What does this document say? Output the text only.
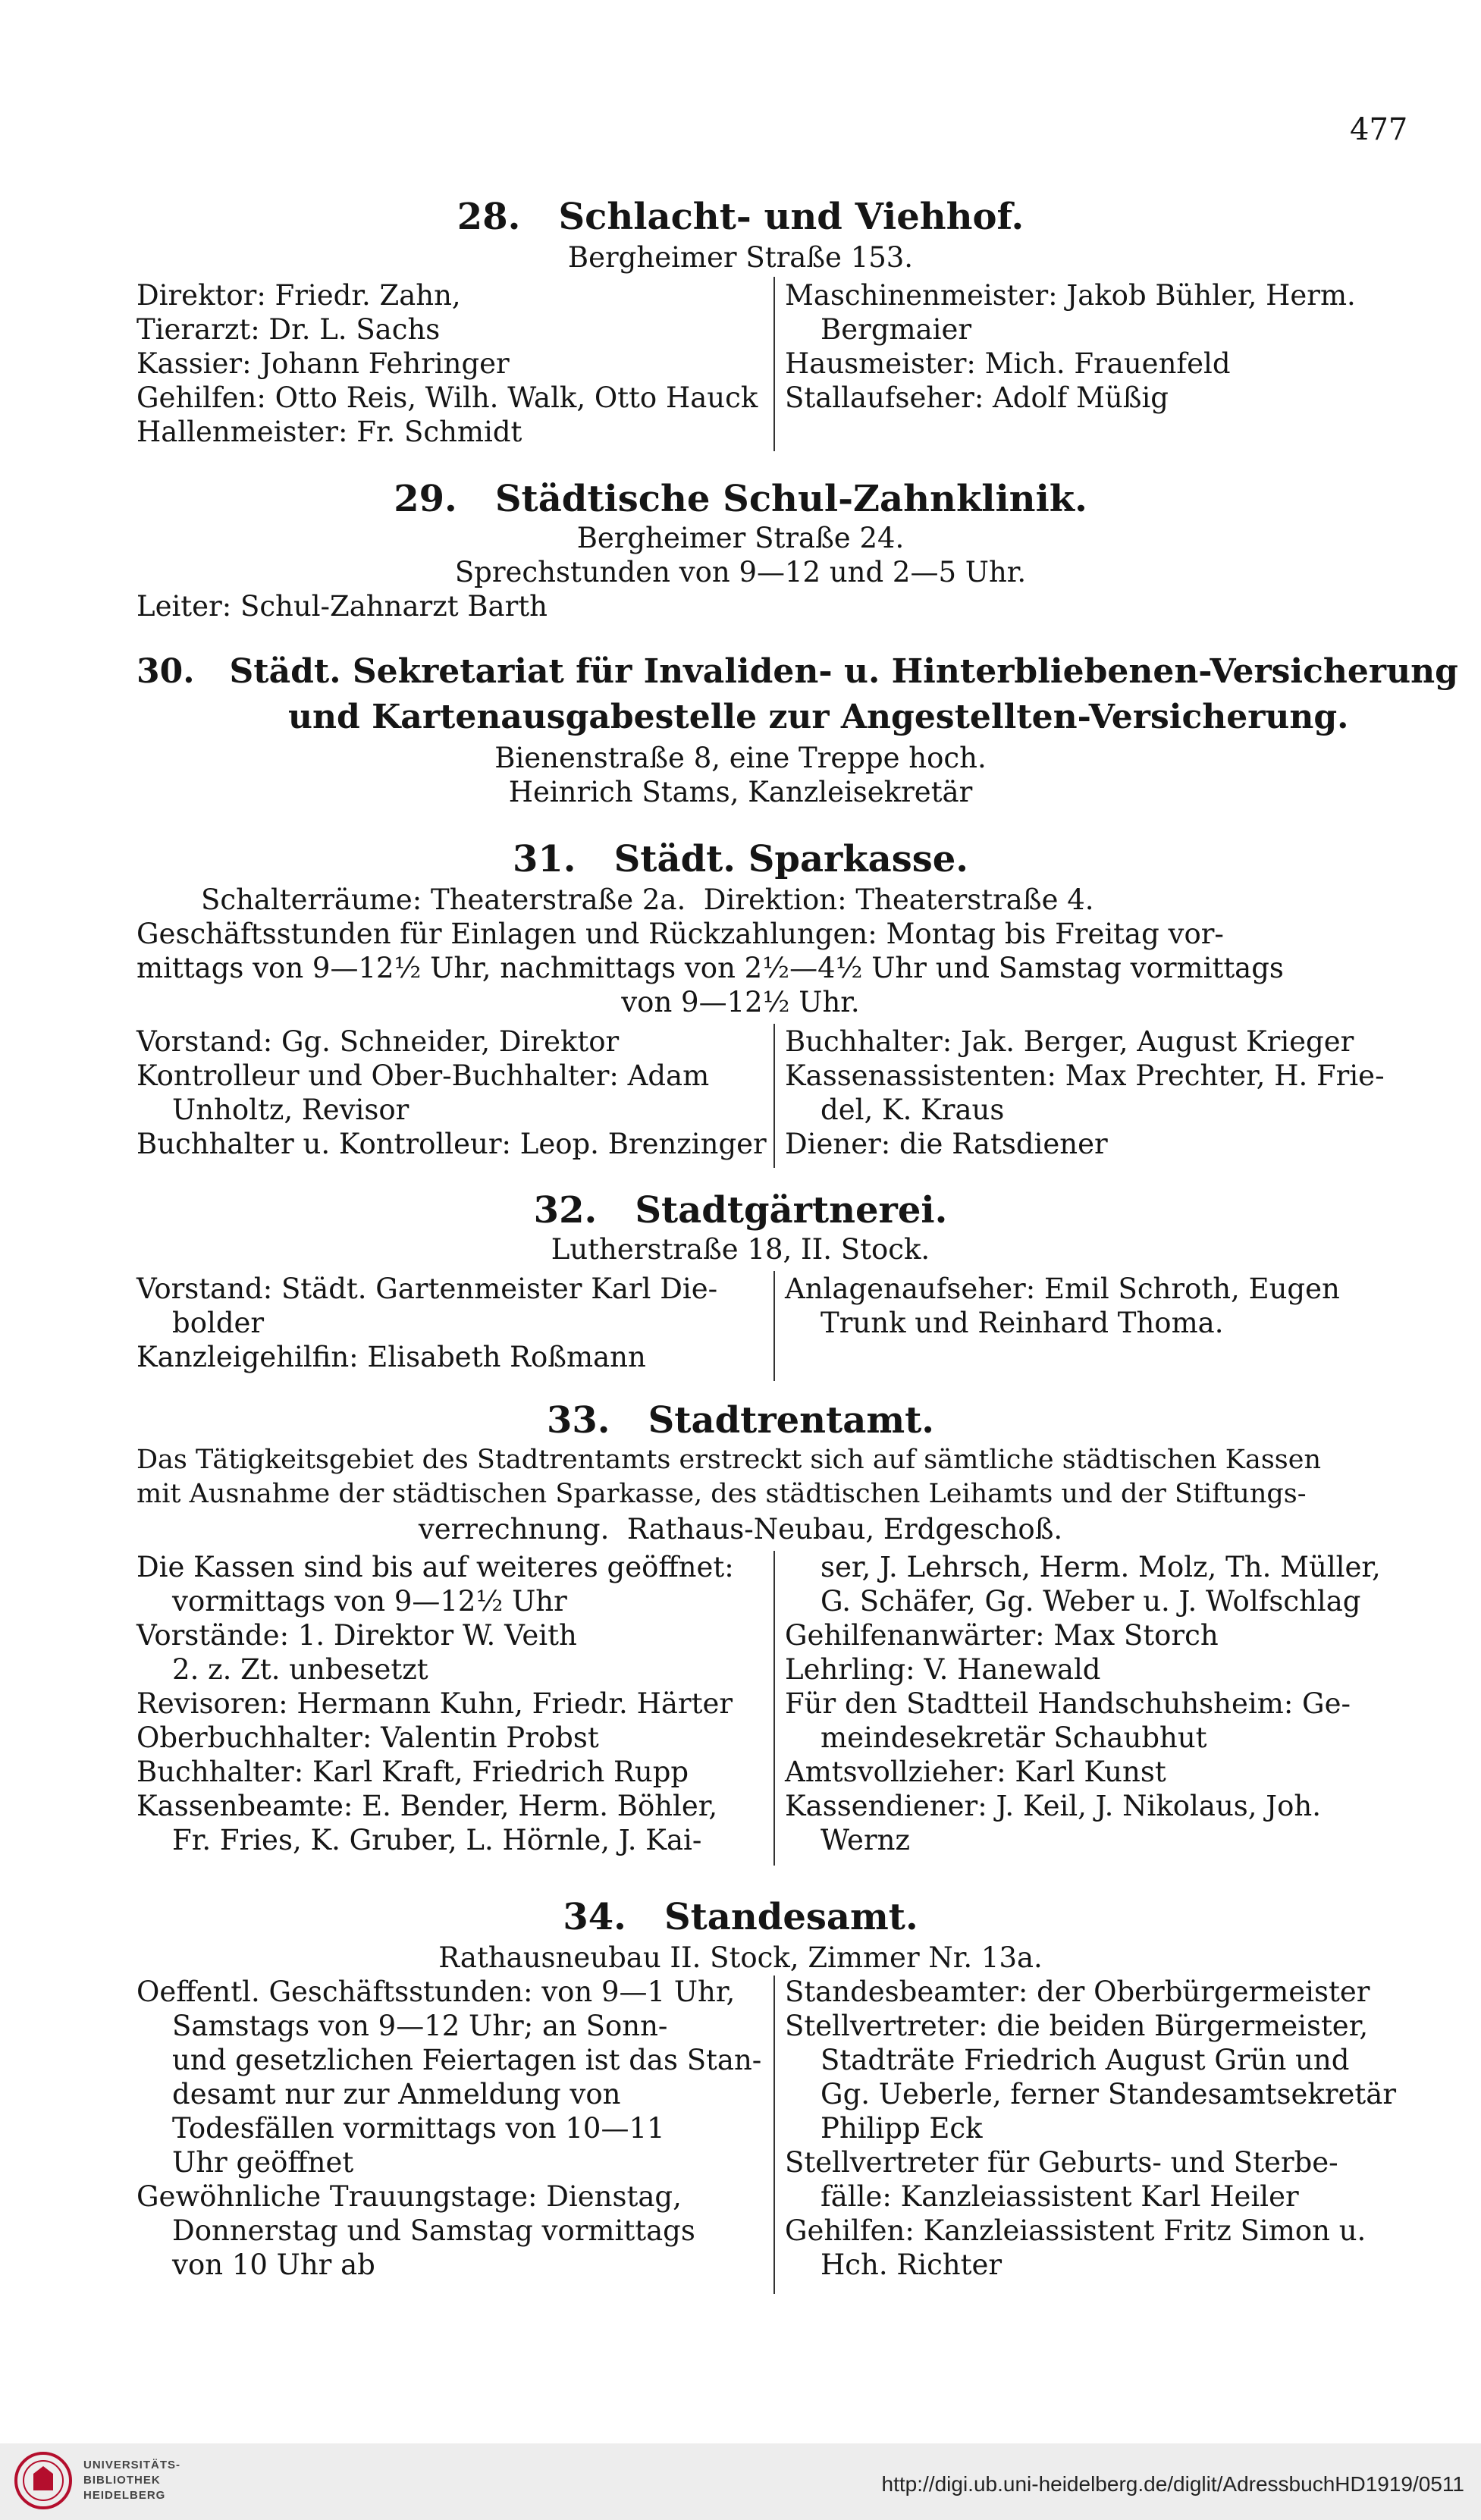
477
28.   Schlacht- und Viehhof.
Bergheimer Straße 153.
Direktor: Friedr. Zahn,
Tierarzt: Dr. L. Sachs
Kassier: Johann Fehringer
Gehilfen: Otto Reis, Wilh. Walk, Otto Hauck
Hallenmeister: Fr. Schmidt
Maschinenmeister: Jakob Bühler, Herm.
Bergmaier
Hausmeister: Mich. Frauenfeld
Stallaufseher: Adolf Müßig
29.   Städtische Schul-Zahnklinik.
Bergheimer Straße 24.
Sprechstunden von 9—12 und 2—5 Uhr.
Leiter: Schul-Zahnarzt Barth
30.   Städt. Sekretariat für Invaliden- u. Hinterbliebenen-Versicherung
und Kartenausgabestelle zur Angestellten-Versicherung.
Bienenstraße 8, eine Treppe hoch.
Heinrich Stams, Kanzleisekretär
31.   Städt. Sparkasse.
Schalterräume: Theaterstraße 2a.  Direktion: Theaterstraße 4.
Geschäftsstunden für Einlagen und Rückzahlungen: Montag bis Freitag vor-
mittags von 9—12½ Uhr, nachmittags von 2½—4½ Uhr und Samstag vormittags
von 9—12½ Uhr.
Vorstand: Gg. Schneider, Direktor
Kontrolleur und Ober-Buchhalter: Adam
Unholtz, Revisor
Buchhalter u. Kontrolleur: Leop. Brenzinger
Buchhalter: Jak. Berger, August Krieger
Kassenassistenten: Max Prechter, H. Frie-
del, K. Kraus
Diener: die Ratsdiener
32.   Stadtgärtnerei.
Lutherstraße 18, II. Stock.
Vorstand: Städt. Gartenmeister Karl Die-
bolder
Kanzleigehilfin: Elisabeth Roßmann
Anlagenaufseher: Emil Schroth, Eugen
Trunk und Reinhard Thoma.
33.   Stadtrentamt.
Das Tätigkeitsgebiet des Stadtrentamts erstreckt sich auf sämtliche städtischen Kassen
mit Ausnahme der städtischen Sparkasse, des städtischen Leihamts und der Stiftungs-
verrechnung.  Rathaus-Neubau, Erdgeschoß.
Die Kassen sind bis auf weiteres geöffnet:
vormittags von 9—12½ Uhr
Vorstände: 1. Direktor W. Veith
2. z. Zt. unbesetzt
Revisoren: Hermann Kuhn, Friedr. Härter
Oberbuchhalter: Valentin Probst
Buchhalter: Karl Kraft, Friedrich Rupp
Kassenbeamte: E. Bender, Herm. Böhler,
Fr. Fries, K. Gruber, L. Hörnle, J. Kai-
ser, J. Lehrsch, Herm. Molz, Th. Müller,
G. Schäfer, Gg. Weber u. J. Wolfschlag
Gehilfenanwärter: Max Storch
Lehrling: V. Hanewald
Für den Stadtteil Handschuhsheim: Ge-
meindesekretär Schaubhut
Amtsvollzieher: Karl Kunst
Kassendiener: J. Keil, J. Nikolaus, Joh.
Wernz
34.   Standesamt.
Rathausneubau II. Stock, Zimmer Nr. 13a.
Oeffentl. Geschäftsstunden: von 9—1 Uhr,
Samstags von 9—12 Uhr; an Sonn-
und gesetzlichen Feiertagen ist das Stan-
desamt nur zur Anmeldung von
Todesfällen vormittags von 10—11
Uhr geöffnet
Gewöhnliche Trauungstage: Dienstag,
Donnerstag und Samstag vormittags
von 10 Uhr ab
Standesbeamter: der Oberbürgermeister
Stellvertreter: die beiden Bürgermeister,
Stadträte Friedrich August Grün und
Gg. Ueberle, ferner Standesamtsekretär
Philipp Eck
Stellvertreter für Geburts- und Sterbe-
fälle: Kanzleiassistent Karl Heiler
Gehilfen: Kanzleiassistent Fritz Simon u.
Hch. Richter
UNIVERSITÄTS-
BIBLIOTHEK
HEIDELBERG	http://digi.ub.uni-heidelberg.de/diglit/AdressbuchHD1919/0511
